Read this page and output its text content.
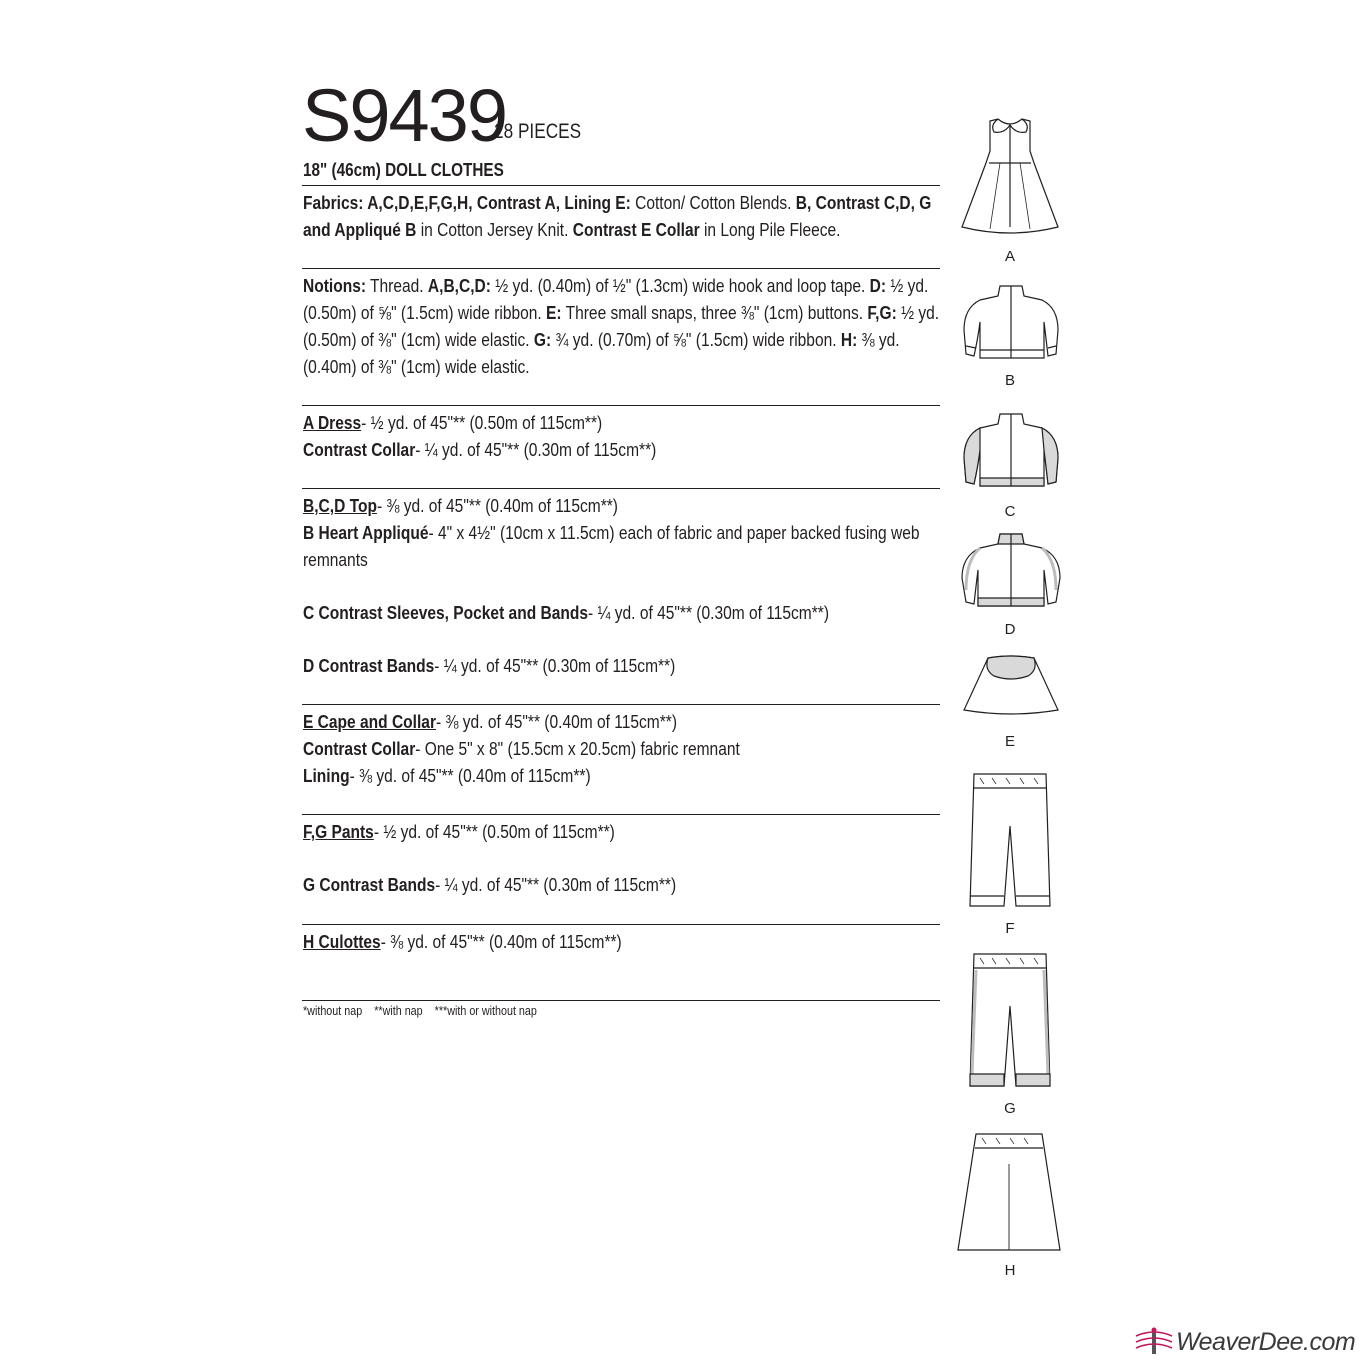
S9439
28 PIECES
18" (46cm) DOLL CLOTHES

Fabrics: A,C,D,E,F,G,H, Contrast A, Lining E: Cotton/ Cotton Blends. B, Contrast C,D, G and Appliqué B in Cotton Jersey Knit. Contrast E Collar in Long Pile Fleece.

Notions: Thread. A,B,C,D: ½ yd. (0.40m) of ½" (1.3cm) wide hook and loop tape. D: ½ yd. (0.50m) of ⅝" (1.5cm) wide ribbon. E: Three small snaps, three ⅜" (1cm) buttons. F,G: ½ yd. (0.50m) of ⅜" (1cm) wide elastic. G: ¾ yd. (0.70m) of ⅝" (1.5cm) wide ribbon. H: ⅜ yd. (0.40m) of ⅜" (1cm) wide elastic.

A Dress- ½ yd. of 45"** (0.50m of 115cm**)

Contrast Collar- ¼ yd. of 45"** (0.30m of 115cm**)

B,C,D Top- ⅜ yd. of 45"** (0.40m of 115cm**)

B Heart Appliqué- 4" x 4½" (10cm x 11.5cm) each of fabric and paper backed fusing web remnants

C Contrast Sleeves, Pocket and Bands- ¼ yd. of 45"** (0.30m of 115cm**)

D Contrast Bands- ¼ yd. of 45"** (0.30m of 115cm**)

E Cape and Collar- ⅜ yd. of 45"** (0.40m of 115cm**)

Contrast Collar- One 5" x 8" (15.5cm x 20.5cm) fabric remnant

Lining- ⅜ yd. of 45"** (0.40m of 115cm**)

F,G Pants- ½ yd. of 45"** (0.50m of 115cm**)

G Contrast Bands- ¼ yd. of 45"** (0.30m of 115cm**)

H Culottes- ⅜ yd. of 45"** (0.40m of 115cm**)

*without nap **with nap ***with or without nap
A
B
C
D
E
F
G
H
WeaverDee.com
